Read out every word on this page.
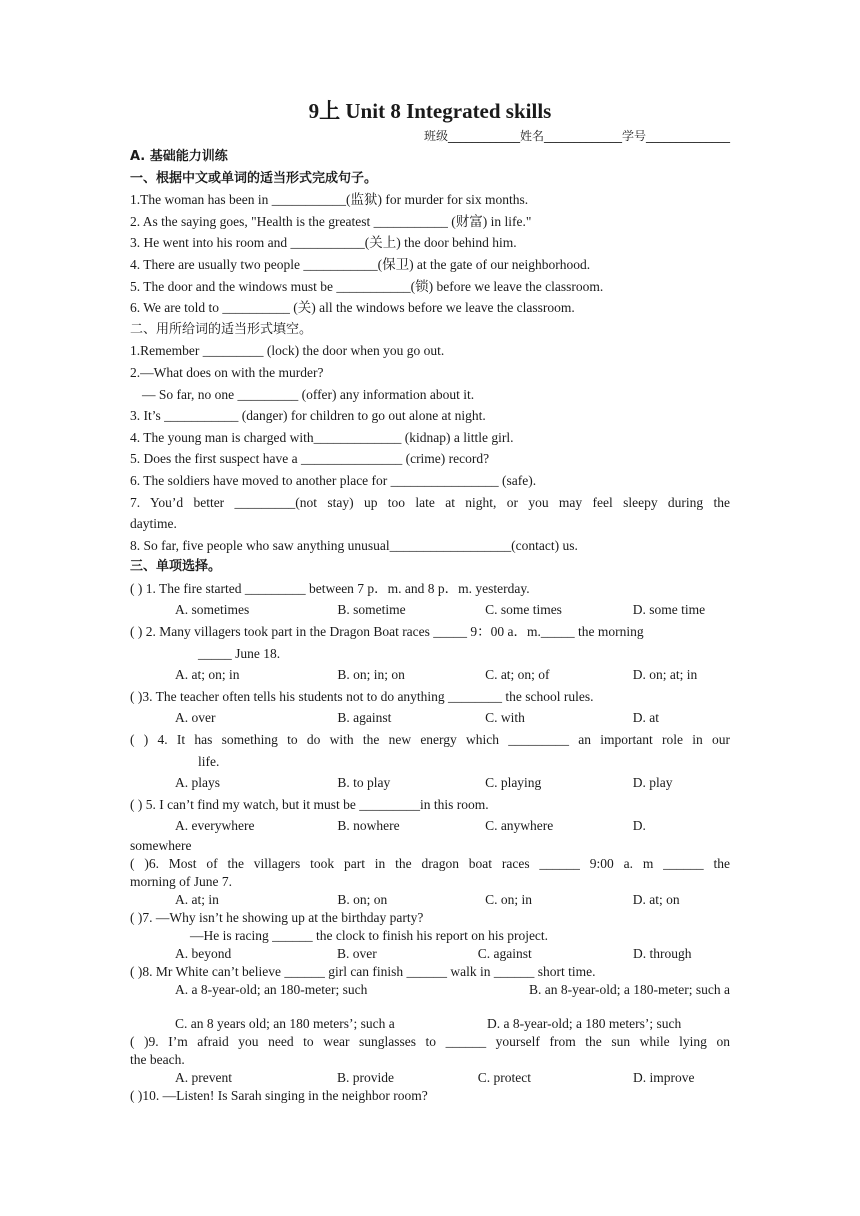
9上 Unit 8 Integrated skills
班级____________姓名_____________学号______________
A. 基础能力训练
一、根据中文或单词的适当形式完成句子。
1.The woman has been in ___________(监狱) for murder for six months.
2. As the saying goes, "Health is the greatest ___________ (财富) in life."
3. He went into his room and ___________(关上) the door behind him.
4. There are usually two people ___________(保卫) at the gate of our neighborhood.
5. The door and the windows must be ___________(锁) before we leave the classroom.
6. We are told to __________ (关) all the windows before we leave the classroom.
二、用所给词的适当形式填空。
1.Remember _________ (lock) the door when you go out.
2.—What does on with the murder?
— So far, no one _________ (offer) any information about it.
3. It’s ___________ (danger) for children to go out alone at night.
4. The young man is charged with_____________ (kidnap) a little girl.
5. Does the first suspect have a _______________ (crime) record?
6. The soldiers have moved to another place for ________________ (safe).
7. You’d better _________(not stay) up too late at night, or you may feel sleepy during the
daytime.
8. So far, five people who saw anything unusual__________________(contact) us.
三、单项选择。
( ) 1. The fire started _________ between 7 p．m. and 8 p．m. yesterday.
A. sometimes	B. sometime	C. some times	D. some time
( ) 2. Many villagers took part in the Dragon Boat races _____ 9：00 a．m._____ the morning
_____ June 18.
A. at; on; in	B. on; in; on	C. at; on; of	D. on; at; in
( )3. The teacher often tells his students not to do anything ________ the school rules.
A. over	B. against	C. with	D. at
( ) 4. It has something to do with the new energy which _________ an important role in our
life.
A. plays	B. to play	C. playing	D. play
( ) 5. I can’t find my watch, but it must be _________in this room.
A. everywhere	B. nowhere	C. anywhere	D.
somewhere
( )6. Most of the villagers took part in the dragon boat races ______ 9:00 a. m ______ the
morning of June 7.
A. at; in	B. on; on	C. on; in	D. at; on
( )7. —Why isn’t he showing up at the birthday party?
—He is racing ______ the clock to finish his report on his project.
A. beyond	B. over	C. against	D. through
( )8. Mr White can’t believe ______ girl can finish ______ walk in ______ short time.
A. a 8-year-old; an 180-meter; such	B. an 8-year-old; a 180-meter; such a
C. an 8 years old; an 180 meters’; such a	D. a 8-year-old; a 180 meters’; such
( )9. I’m afraid you need to wear sunglasses to ______ yourself from the sun while lying on
the beach.
A. prevent	B. provide	C. protect	D. improve
( )10. —Listen! Is Sarah singing in the neighbor room?
